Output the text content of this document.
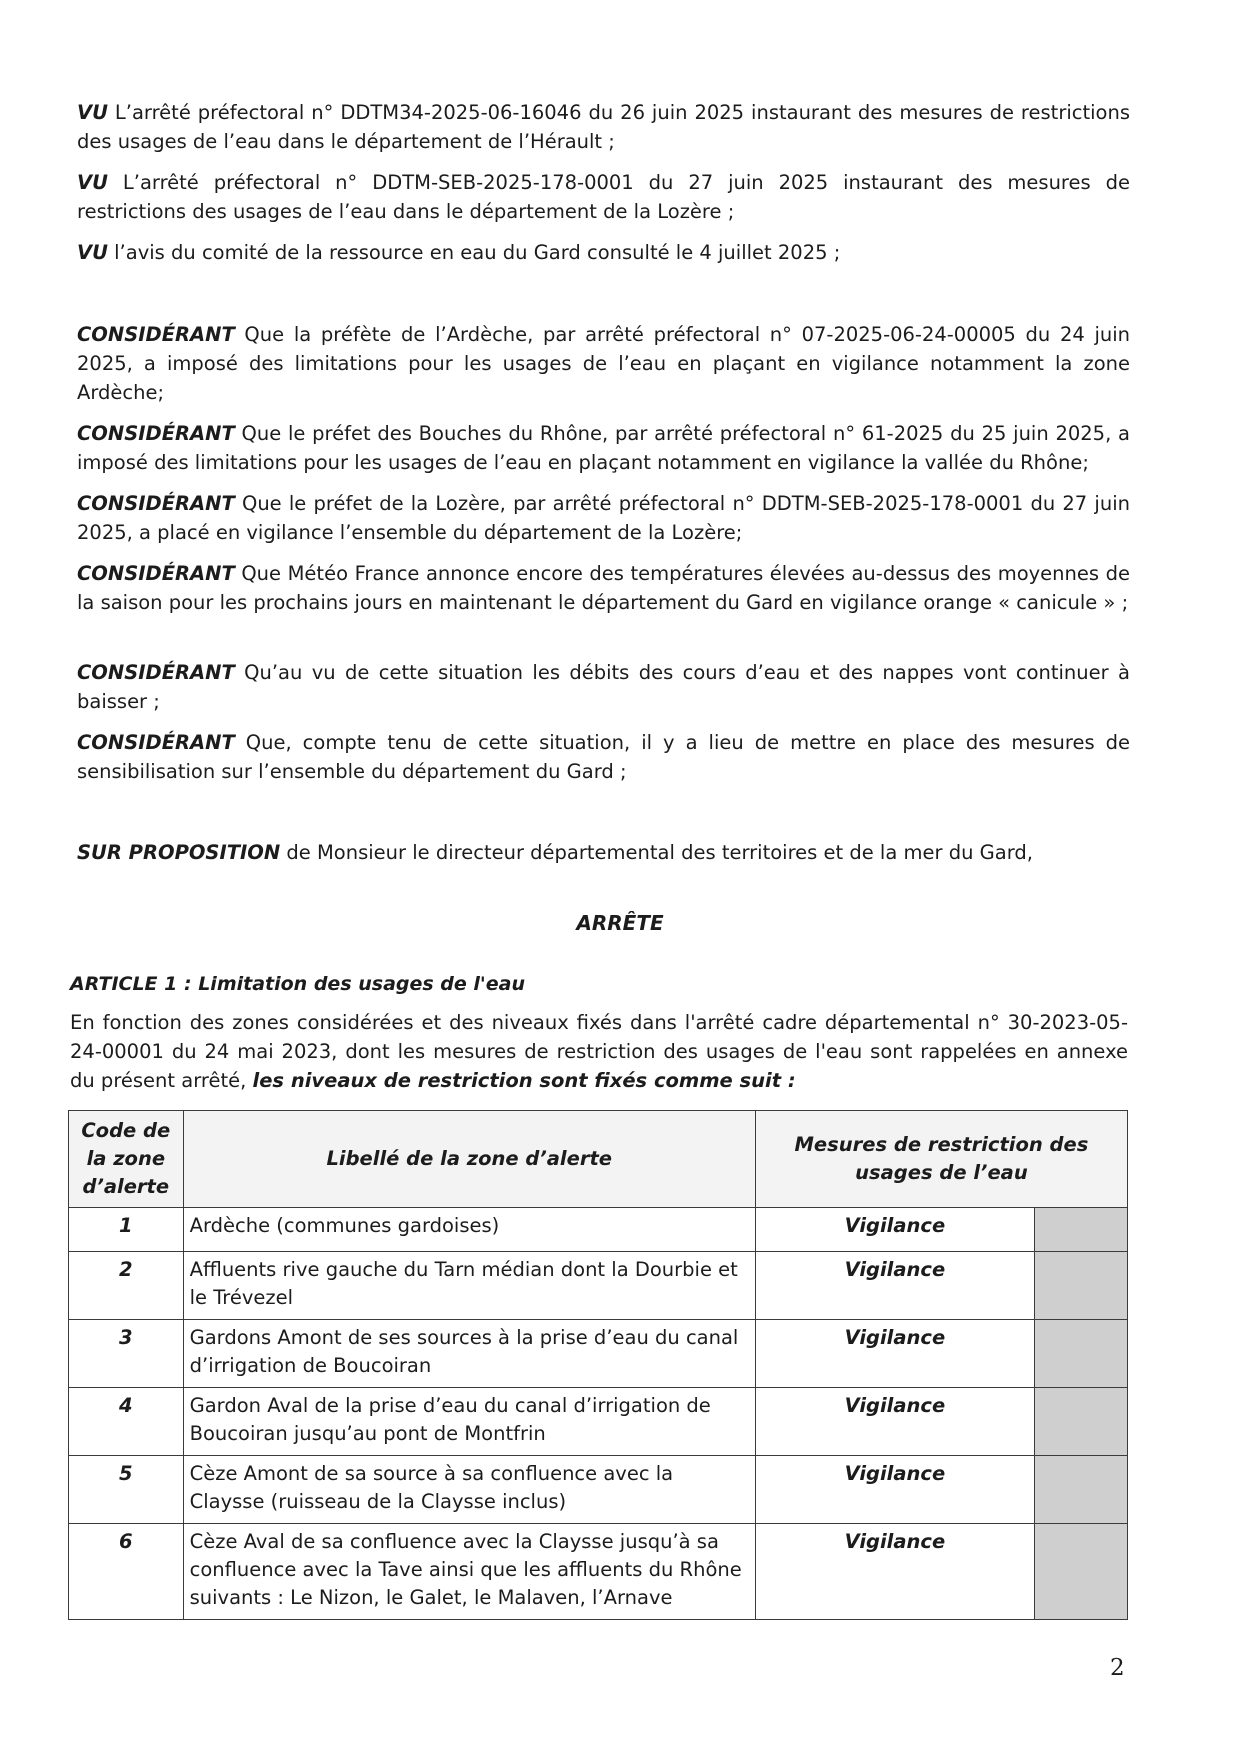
VU L’arrêté préfectoral n° DDTM34-2025-06-16046 du 26 juin 2025 instaurant des mesures de restrictions des usages de l’eau dans le département de l’Hérault ;

VU L’arrêté préfectoral n° DDTM-SEB-2025-178-0001 du 27 juin 2025 instaurant des mesures de restrictions des usages de l’eau dans le département de la Lozère ;

VU l’avis du comité de la ressource en eau du Gard consulté le 4 juillet 2025 ;

CONSIDÉRANT Que la préfète de l’Ardèche, par arrêté préfectoral n° 07-2025-06-24-00005 du 24 juin 2025, a imposé des limitations pour les usages de l’eau en plaçant en vigilance notamment la zone Ardèche;

CONSIDÉRANT Que le préfet des Bouches du Rhône, par arrêté préfectoral n° 61-2025 du 25 juin 2025, a imposé des limitations pour les usages de l’eau en plaçant notamment en vigilance la vallée du Rhône;

CONSIDÉRANT Que le préfet de la Lozère, par arrêté préfectoral n° DDTM-SEB-2025-178-0001 du 27 juin 2025, a placé en vigilance l’ensemble du département de la Lozère;

CONSIDÉRANT Que Météo France annonce encore des températures élevées au-dessus des moyennes de la saison pour les prochains jours en maintenant le département du Gard en vigilance orange « canicule » ;

CONSIDÉRANT Qu’au vu de cette situation les débits des cours d’eau et des nappes vont continuer à baisser ;

CONSIDÉRANT Que, compte tenu de cette situation, il y a lieu de mettre en place des mesures de sensibilisation sur l’ensemble du département du Gard ;

SUR PROPOSITION de Monsieur le directeur départemental des territoires et de la mer du Gard,

ARRÊTE
ARTICLE 1 : Limitation des usages de l'eau

En fonction des zones considérées et des niveaux fixés dans l'arrêté cadre départemental n° 30-2023-05-24-00001 du 24 mai 2023, dont les mesures de restriction des usages de l'eau sont rappelées en annexe du présent arrêté, les niveaux de restriction sont fixés comme suit :

Code de la zone d’alerte	Libellé de la zone d’alerte	Mesures de restriction des usages de l’eau	
1	Ardèche (communes gardoises)	Vigilance	
2	Affluents rive gauche du Tarn médian dont la Dourbie et le Trévezel	Vigilance	
3	Gardons Amont de ses sources à la prise d’eau du canal d’irrigation de Boucoiran	Vigilance	
4	Gardon Aval de la prise d’eau du canal d’irrigation de Boucoiran jusqu’au pont de Montfrin	Vigilance	
5	Cèze Amont de sa source à sa confluence avec la Claysse (ruisseau de la Claysse inclus)	Vigilance	
6	Cèze Aval de sa confluence avec la Claysse jusqu’à sa confluence avec la Tave ainsi que les affluents du Rhône suivants : Le Nizon, le Galet, le Malaven, l’Arnave	Vigilance	
2
